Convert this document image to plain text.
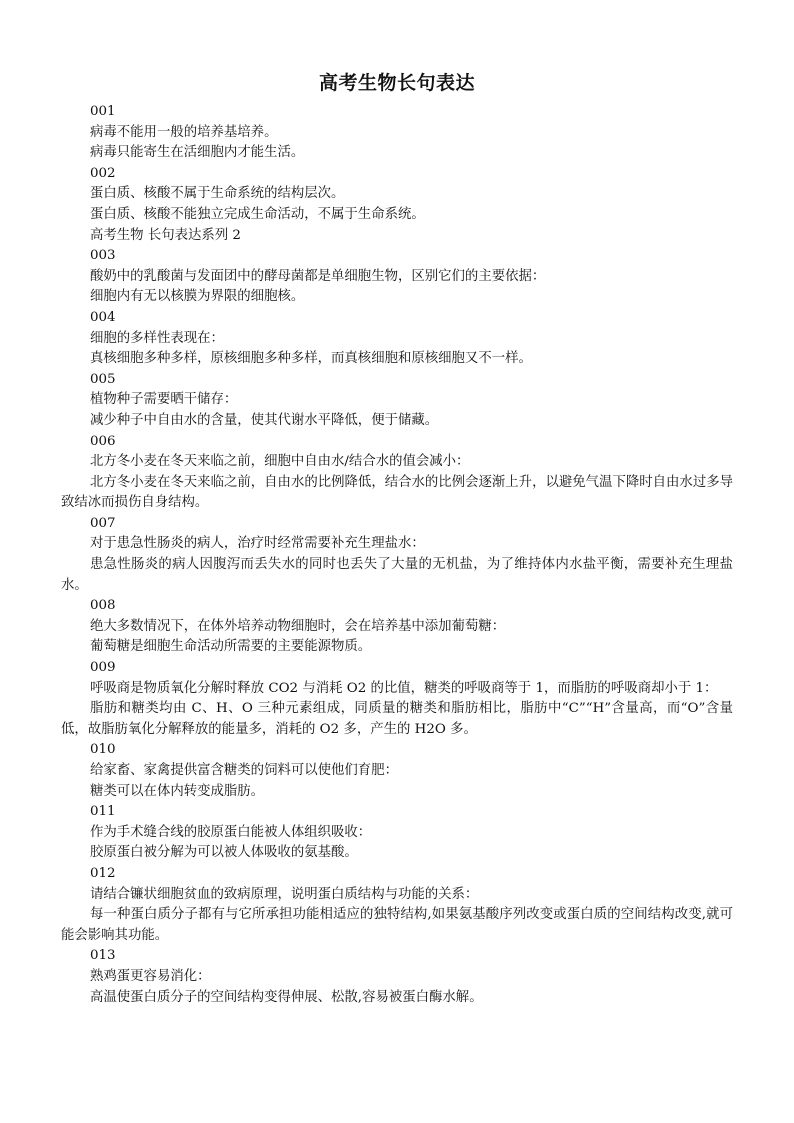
高考生物长句表达

001

病毒不能用一般的培养基培养。

病毒只能寄生在活细胞内才能生活。

002

蛋白质、核酸不属于生命系统的结构层次。

蛋白质、核酸不能独立完成生命活动，不属于生命系统。

高考生物 长句表达系列 2

003

酸奶中的乳酸菌与发面团中的酵母菌都是单细胞生物，区别它们的主要依据：

细胞内有无以核膜为界限的细胞核。

004

细胞的多样性表现在：

真核细胞多种多样，原核细胞多种多样，而真核细胞和原核细胞又不一样。

005

植物种子需要晒干储存：

减少种子中自由水的含量，使其代谢水平降低，便于储藏。

006

北方冬小麦在冬天来临之前，细胞中自由水/结合水的值会减小：

北方冬小麦在冬天来临之前，自由水的比例降低，结合水的比例会逐渐上升，以避免气温下降时自由水过多导致结冰而损伤自身结构。

007

对于患急性肠炎的病人，治疗时经常需要补充生理盐水：

患急性肠炎的病人因腹泻而丢失水的同时也丢失了大量的无机盐，为了维持体内水盐平衡，需要补充生理盐水。

008

绝大多数情况下，在体外培养动物细胞时，会在培养基中添加葡萄糖：

葡萄糖是细胞生命活动所需要的主要能源物质。

009

呼吸商是物质氧化分解时释放 CO2 与消耗 O2 的比值，糖类的呼吸商等于 1，而脂肪的呼吸商却小于 1：

脂肪和糖类均由 C、H、O 三种元素组成，同质量的糖类和脂肪相比，脂肪中“C”“H”含量高，而“O”含量低，故脂肪氧化分解释放的能量多，消耗的 O2 多，产生的 H2O 多。

010

给家畜、家禽提供富含糖类的饲料可以使他们育肥：

糖类可以在体内转变成脂肪。

011

作为手术缝合线的胶原蛋白能被人体组织吸收：

胶原蛋白被分解为可以被人体吸收的氨基酸。

012

请结合镰状细胞贫血的致病原理，说明蛋白质结构与功能的关系：

每一种蛋白质分子都有与它所承担功能相适应的独特结构,如果氨基酸序列改变或蛋白质的空间结构改变,就可能会影响其功能。

013

熟鸡蛋更容易消化：

高温使蛋白质分子的空间结构变得伸展、松散,容易被蛋白酶水解。
